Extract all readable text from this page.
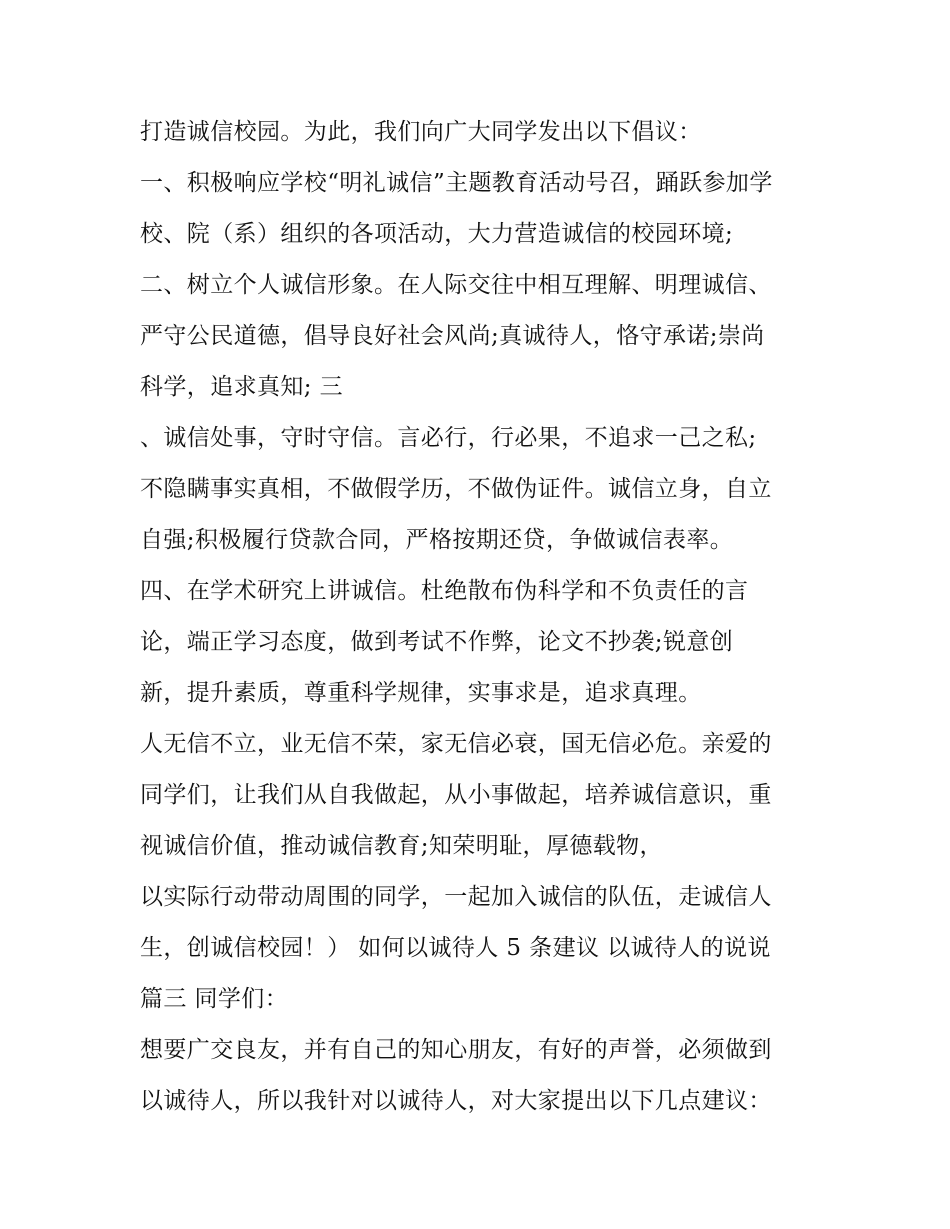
打造诚信校园。为此，我们向广大同学发出以下倡议：
一、积极响应学校“明礼诚信”主题教育活动号召，踊跃参加学
校、院（系）组织的各项活动，大力营造诚信的校园环境;
二、树立个人诚信形象。在人际交往中相互理解、明理诚信、
严守公民道德，倡导良好社会风尚;真诚待人，恪守承诺;崇尚
科学，追求真知; 三
、诚信处事，守时守信。言必行，行必果，不追求一己之私;
不隐瞒事实真相，不做假学历，不做伪证件。诚信立身，自立
自强;积极履行贷款合同，严格按期还贷，争做诚信表率。
四、在学术研究上讲诚信。杜绝散布伪科学和不负责任的言
论，端正学习态度，做到考试不作弊，论文不抄袭;锐意创
新，提升素质，尊重科学规律，实事求是，追求真理。
人无信不立，业无信不荣，家无信必衰，国无信必危。亲爱的
同学们，让我们从自我做起，从小事做起，培养诚信意识，重
视诚信价值，推动诚信教育;知荣明耻，厚德载物，
以实际行动带动周围的同学，一起加入诚信的队伍，走诚信人
生，创诚信校园！） 如何以诚待人 5 条建议 以诚待人的说说
篇三 同学们：
想要广交良友，并有自己的知心朋友，有好的声誉，必须做到
以诚待人，所以我针对以诚待人，对大家提出以下几点建议：
